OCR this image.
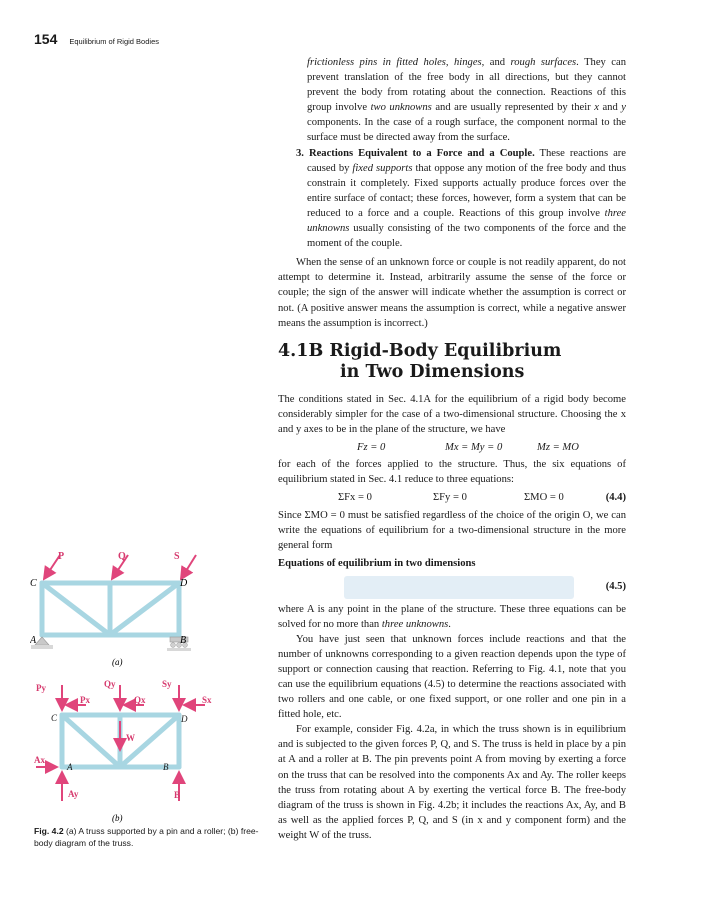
154 Equilibrium of Rigid Bodies

frictionless pins in fitted holes, hinges, and rough surfaces. They can prevent translation of the free body in all directions, but they cannot prevent the body from rotating about the connection. Reactions of this group involve two unknowns and are usually represented by their x and y components. In the case of a rough surface, the component normal to the surface must be directed away from the surface.

3. Reactions Equivalent to a Force and a Couple. These reactions are caused by fixed supports that oppose any motion of the free body and thus constrain it completely. Fixed supports actually produce forces over the entire surface of contact; these forces, however, form a system that can be reduced to a force and a couple. Reactions of this group involve three unknowns usually consisting of the two components of the force and the moment of the couple.

When the sense of an unknown force or couple is not readily apparent, do not attempt to determine it. Instead, arbitrarily assume the sense of the force or couple; the sign of the answer will indicate whether the assumption is correct or not. (A positive answer means the assumption is correct, while a negative answer means the assumption is incorrect.)

4.1B Rigid-Body Equilibrium
in Two Dimensions

The conditions stated in Sec. 4.1A for the equilibrium of a rigid body become considerably simpler for the case of a two-dimensional structure. Choosing the x and y axes to be in the plane of the structure, we have

Fz = 0	Mx = My = 0	Mz = MO

for each of the forces applied to the structure. Thus, the six equations of equilibrium stated in Sec. 4.1 reduce to three equations:

ΣFx = 0	ΣFy = 0	ΣMO = 0	(4.4)

Since ΣMO = 0 must be satisfied regardless of the choice of the origin O, we can write the equations of equilibrium for a two-dimensional structure in the more general form

Equations of equilibrium in two dimensions

(4.5)

where A is any point in the plane of the structure. These three equations can be solved for no more than three unknowns.

You have just seen that unknown forces include reactions and that the number of unknowns corresponding to a given reaction depends upon the type of support or connection causing that reaction. Referring to Fig. 4.1, note that you can use the equilibrium equations (4.5) to determine the reactions associated with two rollers and one cable, or one fixed support, or one roller and one pin in a fitted hole, etc.

For example, consider Fig. 4.2a, in which the truss shown is in equilibrium and is subjected to the given forces P, Q, and S. The truss is held in place by a pin at A and a roller at B. The pin prevents point A from moving by exerting a force on the truss that can be resolved into the components Ax and Ay. The roller keeps the truss from rotating about A by exerting the vertical force B. The free-body diagram of the truss is shown in Fig. 4.2b; it includes the reactions Ax, Ay, and B as well as the applied forces P, Q, and S (in x and y component form) and the weight W of the truss.

P	Q	S
C	D
A	B
(a)
Py
Px
Qy
Qx
Sy
Sx
W
Ax
Ay	B
C	D
A	B
(b)
Fig. 4.2 (a) A truss supported by a pin and a roller; (b) free-body diagram of the truss.
